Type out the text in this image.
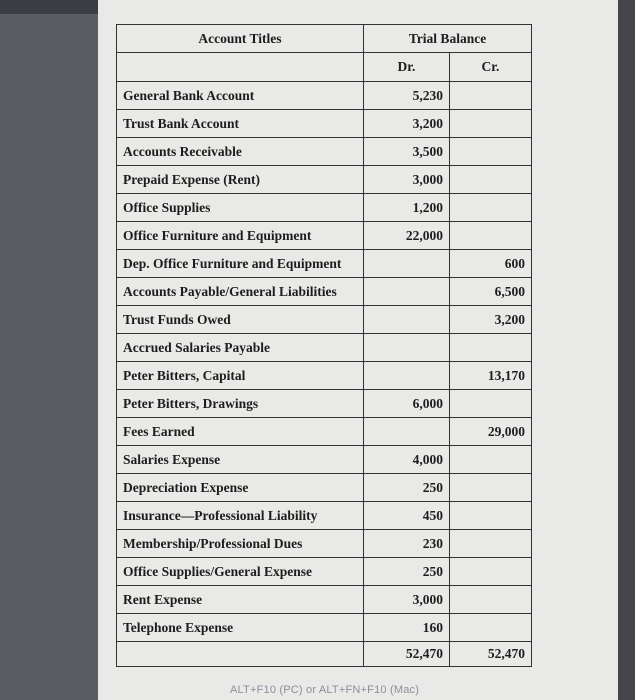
Account Titles	Trial Balance	
	Dr.	Cr.
General Bank Account	5,230	
Trust Bank Account	3,200	
Accounts Receivable	3,500	
Prepaid Expense (Rent)	3,000	
Office Supplies	1,200	
Office Furniture and Equipment	22,000	
Dep. Office Furniture and Equipment		600
Accounts Payable/General Liabilities		6,500
Trust Funds Owed		3,200
Accrued Salaries Payable		
Peter Bitters, Capital		13,170
Peter Bitters, Drawings	6,000	
Fees Earned		29,000
Salaries Expense	4,000	
Depreciation Expense	250	
Insurance—Professional Liability	450	
Membership/Professional Dues	230	
Office Supplies/General Expense	250	
Rent Expense	3,000	
Telephone Expense	160	
	52,470	52,470
ALT+F10 (PC) or ALT+FN+F10 (Mac)
